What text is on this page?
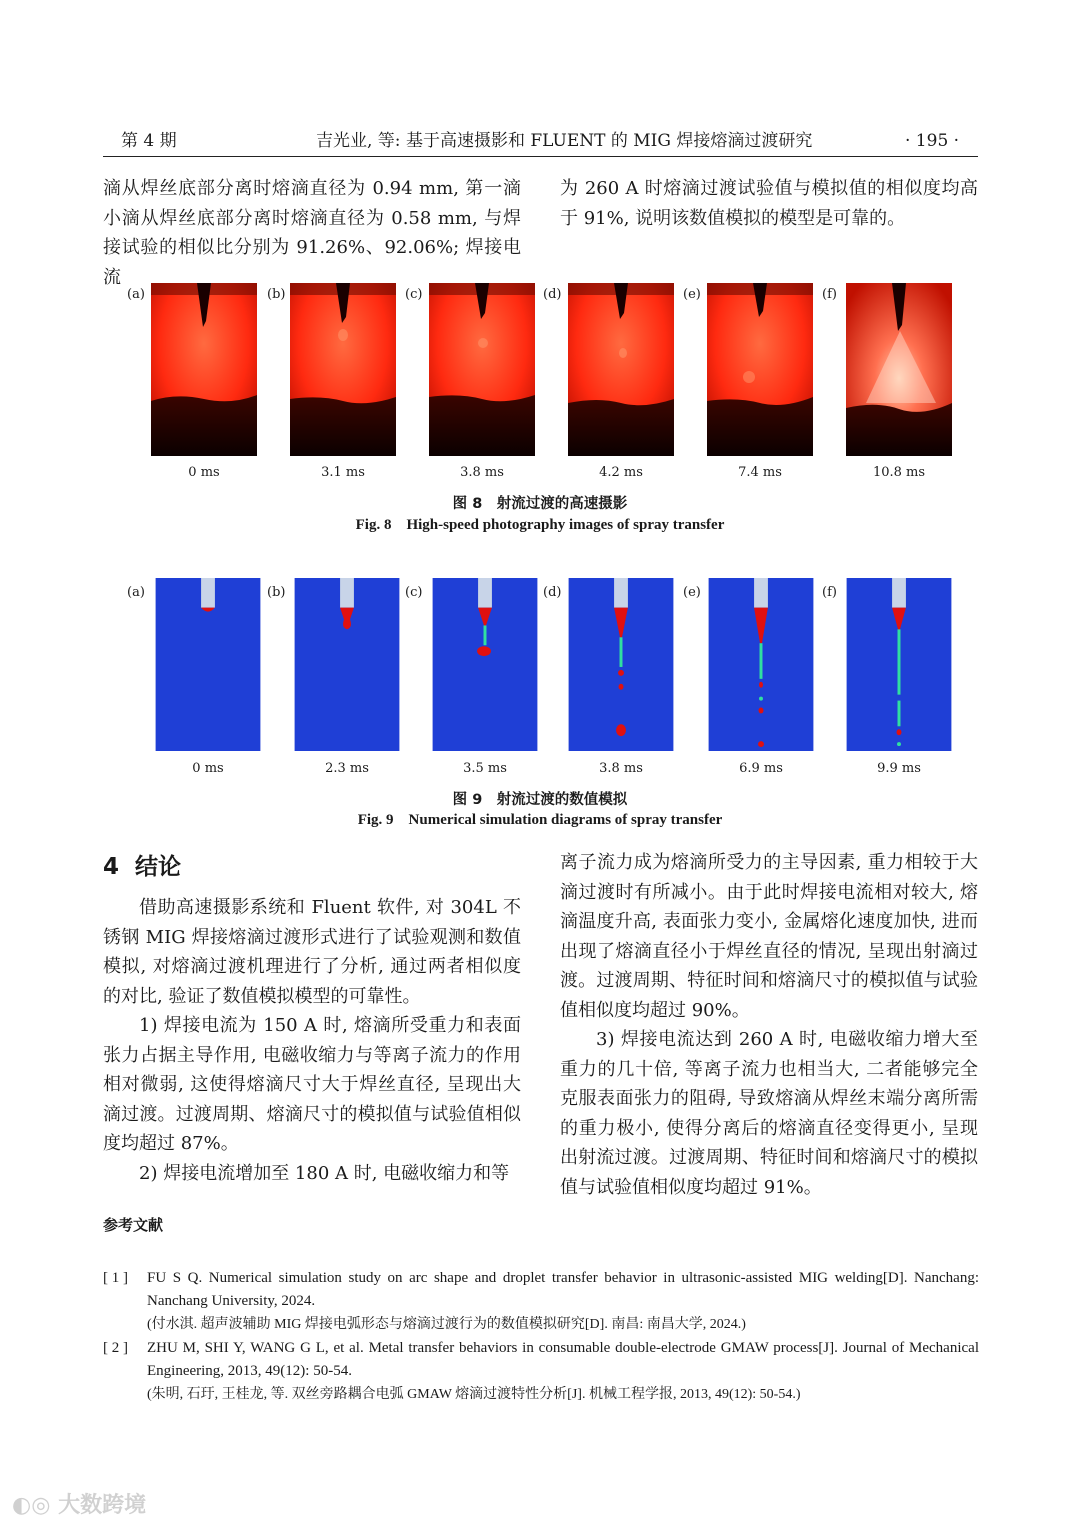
第 4 期	吉光业, 等: 基于高速摄影和 FLUENT 的 MIG 焊接熔滴过渡研究	· 195 ·
滴从焊丝底部分离时熔滴直径为 0.94 mm, 第一滴小滴从焊丝底部分离时熔滴直径为 0.58 mm, 与焊接试验的相似比分别为 91.26%、92.06%; 焊接电流
为 260 A 时熔滴过渡试验值与模拟值的相似度均高于 91%, 说明该数值模拟的模型是可靠的。
(a)	(b)	(c)	(d)	(e)	(f)
0 ms	3.1 ms	3.8 ms	4.2 ms	7.4 ms	10.8 ms
图 8　射流过渡的高速摄影
Fig. 8　High-speed photography images of spray transfer
(a)	(b)	(c)	(d)	(e)	(f)
0 ms	2.3 ms	3.5 ms	3.8 ms	6.9 ms	9.9 ms
图 9　射流过渡的数值模拟
Fig. 9　Numerical simulation diagrams of spray transfer
4 结论
借助高速摄影系统和 Fluent 软件, 对 304L 不锈钢 MIG 焊接熔滴过渡形式进行了试验观测和数值模拟, 对熔滴过渡机理进行了分析, 通过两者相似度的对比, 验证了数值模拟模型的可靠性。
1) 焊接电流为 150 A 时, 熔滴所受重力和表面张力占据主导作用, 电磁收缩力与等离子流力的作用相对微弱, 这使得熔滴尺寸大于焊丝直径, 呈现出大滴过渡。过渡周期、熔滴尺寸的模拟值与试验值相似度均超过 87%。
2) 焊接电流增加至 180 A 时, 电磁收缩力和等
离子流力成为熔滴所受力的主导因素, 重力相较于大滴过渡时有所减小。由于此时焊接电流相对较大, 熔滴温度升高, 表面张力变小, 金属熔化速度加快, 进而出现了熔滴直径小于焊丝直径的情况, 呈现出射滴过渡。过渡周期、特征时间和熔滴尺寸的模拟值与试验值相似度均超过 90%。
3) 焊接电流达到 260 A 时, 电磁收缩力增大至重力的几十倍, 等离子流力也相当大, 二者能够完全克服表面张力的阻碍, 导致熔滴从焊丝末端分离所需的重力极小, 使得分离后的熔滴直径变得更小, 呈现出射流过渡。过渡周期、特征时间和熔滴尺寸的模拟值与试验值相似度均超过 91%。
参考文献
[ 1 ] FU S Q. Numerical simulation study on arc shape and droplet transfer behavior in ultrasonic-assisted MIG welding[D]. Nanchang: Nanchang University, 2024.
(付水淇. 超声波辅助 MIG 焊接电弧形态与熔滴过渡行为的数值模拟研究[D]. 南昌: 南昌大学, 2024.)
[ 2 ] ZHU M, SHI Y, WANG G L, et al. Metal transfer behaviors in consumable double-electrode GMAW process[J]. Journal of Mechanical Engineering, 2013, 49(12): 50-54.
(朱明, 石玗, 王桂龙, 等. 双丝旁路耦合电弧 GMAW 熔滴过渡特性分析[J]. 机械工程学报, 2013, 49(12): 50-54.)
◐◎ 大数跨境
